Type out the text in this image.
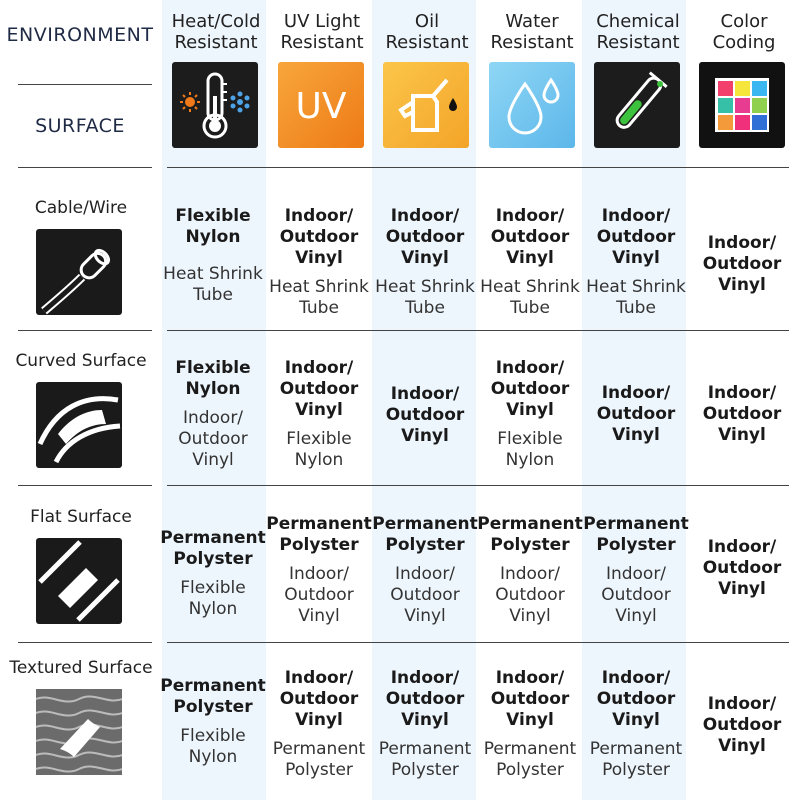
ENVIRONMENT
SURFACE
Heat/Cold
Resistant
UV Light
Resistant
Oil
Resistant
Water
Resistant
Chemical
Resistant
Color
Coding
UV
Cable/Wire
Curved Surface
Flat Surface
Textured Surface
Flexible
Nylon
Heat Shrink
Tube
Indoor/
Outdoor
Vinyl
Heat Shrink
Tube
Indoor/
Outdoor
Vinyl
Heat Shrink
Tube
Indoor/
Outdoor
Vinyl
Heat Shrink
Tube
Indoor/
Outdoor
Vinyl
Heat Shrink
Tube
Indoor/
Outdoor
Vinyl
Flexible
Nylon
Indoor/
Outdoor
Vinyl
Indoor/
Outdoor
Vinyl
Flexible
Nylon
Indoor/
Outdoor
Vinyl
Indoor/
Outdoor
Vinyl
Flexible
Nylon
Indoor/
Outdoor
Vinyl
Indoor/
Outdoor
Vinyl
Permanent
Polyster
Flexible
Nylon
Permanent
Polyster
Indoor/
Outdoor
Vinyl
Permanent
Polyster
Indoor/
Outdoor
Vinyl
Permanent
Polyster
Indoor/
Outdoor
Vinyl
Permanent
Polyster
Indoor/
Outdoor
Vinyl
Indoor/
Outdoor
Vinyl
Permanent
Polyster
Flexible
Nylon
Indoor/
Outdoor
Vinyl
Permanent
Polyster
Indoor/
Outdoor
Vinyl
Permanent
Polyster
Indoor/
Outdoor
Vinyl
Permanent
Polyster
Indoor/
Outdoor
Vinyl
Permanent
Polyster
Indoor/
Outdoor
Vinyl
